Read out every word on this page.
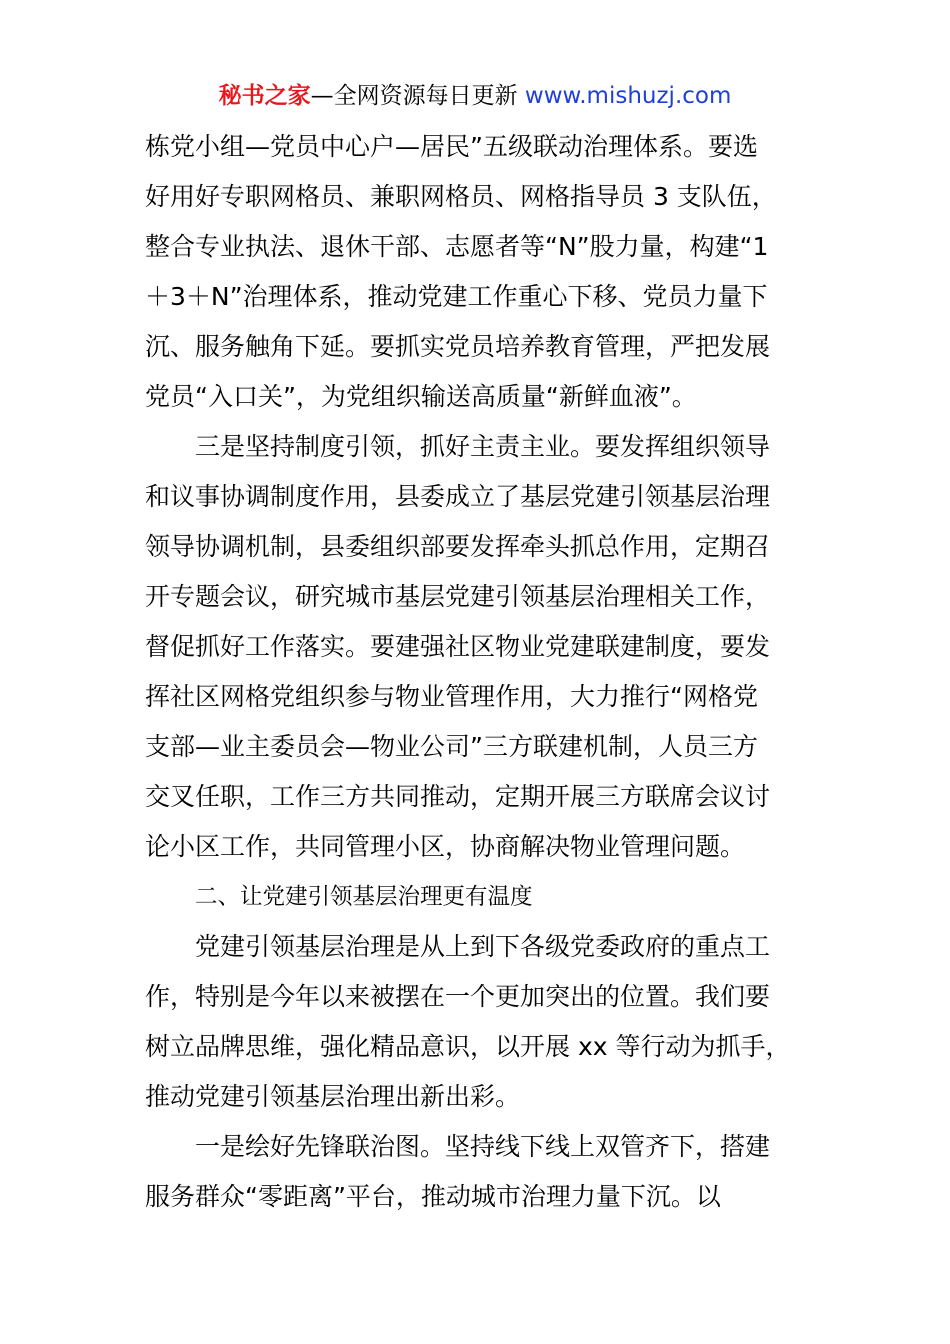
秘书之家—全网资源每日更新 www.mishuzj.com
栋党小组—党员中心户—居民”五级联动治理体系。要选
好用好专职网格员、兼职网格员、网格指导员 3 支队伍，
整合专业执法、退休干部、志愿者等“N”股力量，构建“1
＋3＋N”治理体系，推动党建工作重心下移、党员力量下
沉、服务触角下延。要抓实党员培养教育管理，严把发展
党员“入口关”，为党组织输送高质量“新鲜血液”。
三是坚持制度引领，抓好主责主业。要发挥组织领导
和议事协调制度作用，县委成立了基层党建引领基层治理
领导协调机制，县委组织部要发挥牵头抓总作用，定期召
开专题会议，研究城市基层党建引领基层治理相关工作，
督促抓好工作落实。要建强社区物业党建联建制度，要发
挥社区网格党组织参与物业管理作用，大力推行“网格党
支部—业主委员会—物业公司”三方联建机制，人员三方
交叉任职，工作三方共同推动，定期开展三方联席会议讨
论小区工作，共同管理小区，协商解决物业管理问题。
二、让党建引领基层治理更有温度
党建引领基层治理是从上到下各级党委政府的重点工
作，特别是今年以来被摆在一个更加突出的位置。我们要
树立品牌思维，强化精品意识，以开展 xx 等行动为抓手，
推动党建引领基层治理出新出彩。
一是绘好先锋联治图。坚持线下线上双管齐下，搭建
服务群众“零距离”平台，推动城市治理力量下沉。以
